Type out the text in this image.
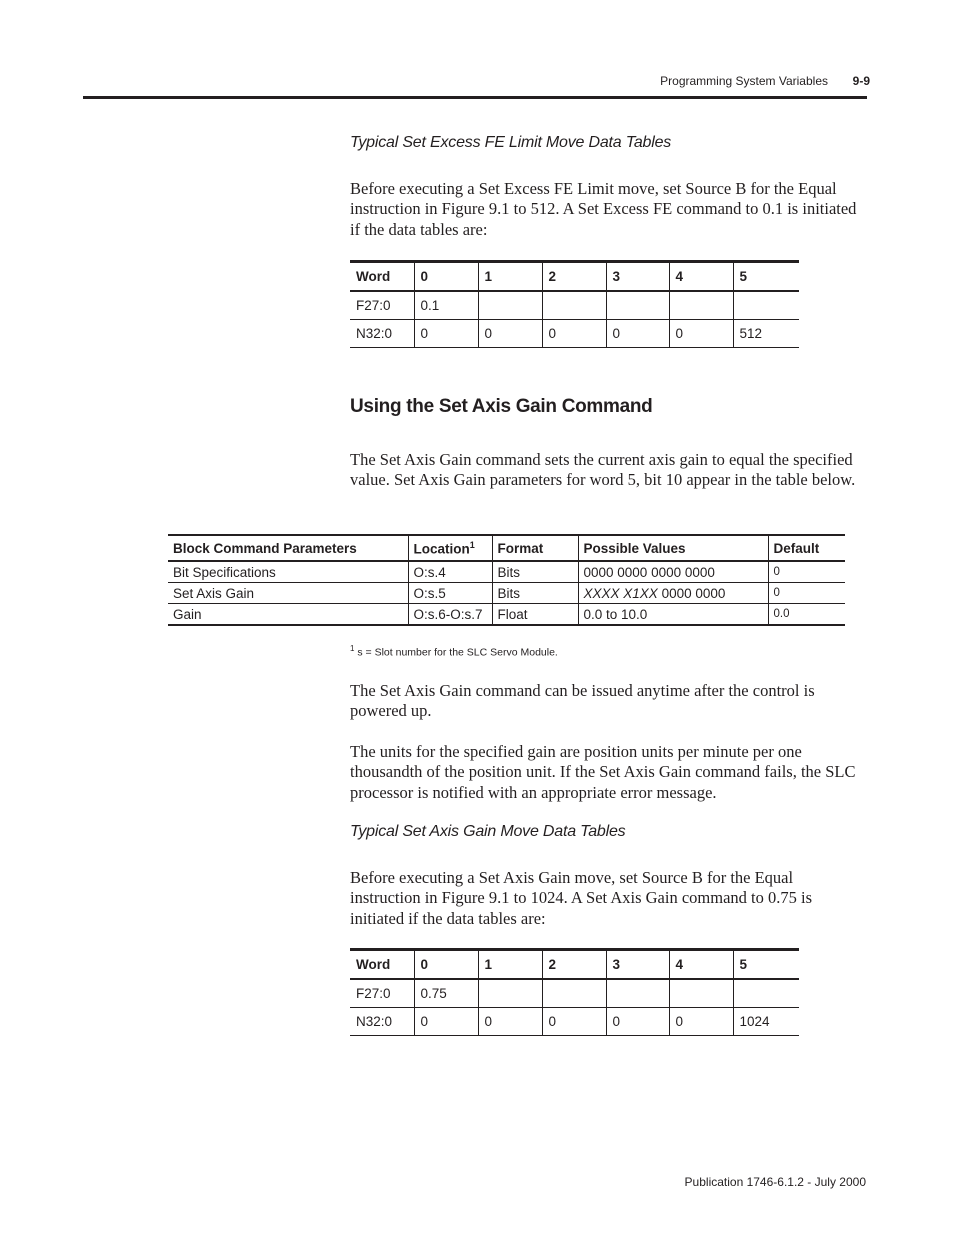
Programming System Variables 9-9
Typical Set Excess FE Limit Move Data Tables

Before executing a Set Excess FE Limit move, set Source B for the Equal instruction in Figure 9.1 to 512. A Set Excess FE command to 0.1 is initiated if the data tables are:

Word	0	1	2	3	4	5
F27:0	0.1					
N32:0	0	0	0	0	0	512
Using the Set Axis Gain Command

The Set Axis Gain command sets the current axis gain to equal the specified value. Set Axis Gain parameters for word 5, bit 10 appear in the table below.

Block Command Parameters	Location$^1$	Format	Possible Values	Default
Bit Specifications	O:s.4	Bits	0000 0000 0000 0000	0
Set Axis Gain	O:s.5	Bits	XXXX X1XX 0000 0000	0
Gain	O:s.6-O:s.7	Float	0.0 to 10.0	0.0
$^1$ s = Slot number for the SLC Servo Module.

The Set Axis Gain command can be issued anytime after the control is powered up.

The units for the specified gain are position units per minute per one thousandth of the position unit. If the Set Axis Gain command fails, the SLC processor is notified with an appropriate error message.

Typical Set Axis Gain Move Data Tables

Before executing a Set Axis Gain move, set Source B for the Equal instruction in Figure 9.1 to 1024. A Set Axis Gain command to 0.75 is initiated if the data tables are:

Word	0	1	2	3	4	5
F27:0	0.75					
N32:0	0	0	0	0	0	1024
Publication 1746-6.1.2 - July 2000
